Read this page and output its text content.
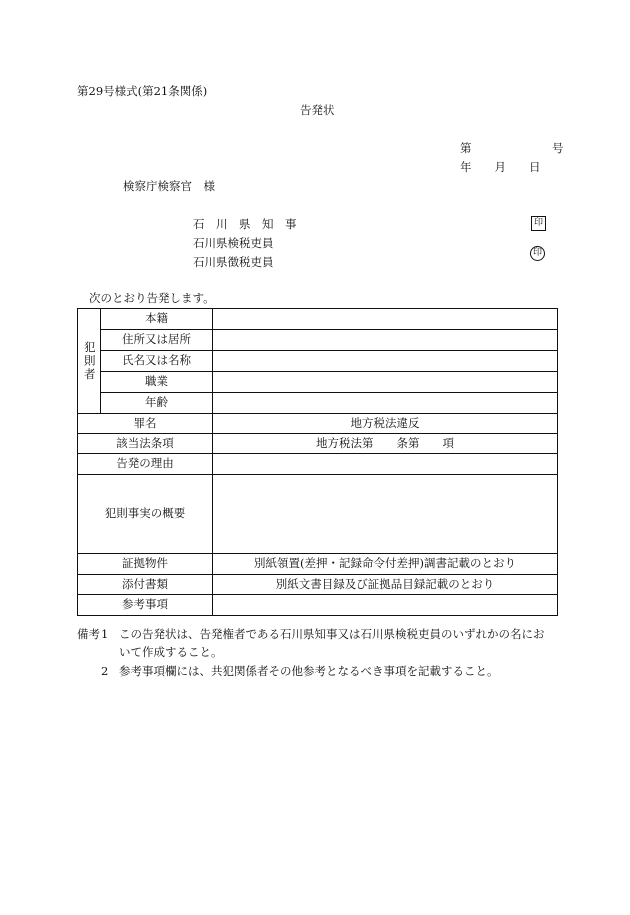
第29号様式(第21条関係)
告発状
第　　　　　　　号
年　　月　　日
検察庁検察官　様
石　川　県　知　事
石川県検税吏員
石川県徴税吏員
印
印
次のとおり告発します。
犯則者	本籍	
	住所又は居所	
	氏名又は名称	
	職業	
	年齢	
罪名		地方税法違反
該当法条項		地方税法第　　条第　　項
告発の理由		
犯則事実の概要		
証拠物件		別紙領置(差押・記録命令付差押)調書記載のとおり
添付書類		別紙文書目録及び証拠品目録記載のとおり
参考事項		
備考 1 この告発状は、告発権者である石川県知事又は石川県検税吏員のいずれかの名にお
いて作成すること。
2 参考事項欄には、共犯関係者その他参考となるべき事項を記載すること。
